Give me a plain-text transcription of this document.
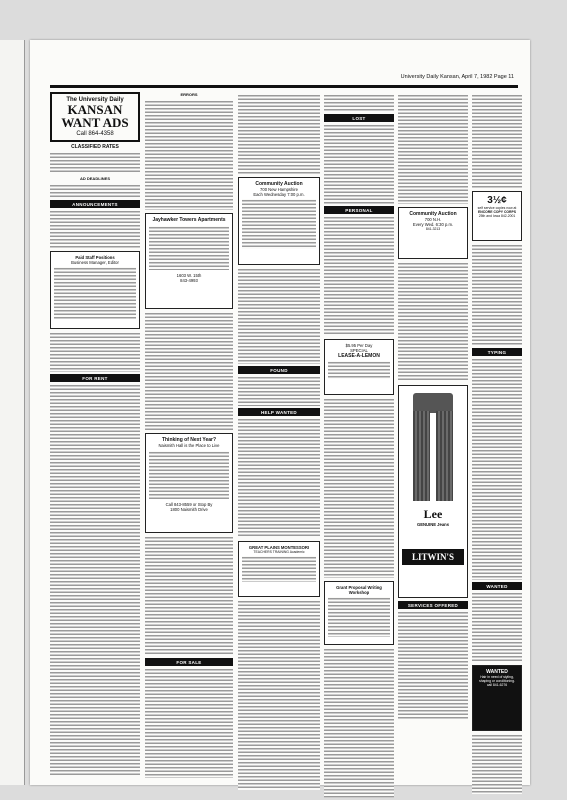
University Daily Kansan, April 7, 1982 Page 11
The University Daily
KANSAN WANT ADS
Call 864-4358
CLASSIFIED RATES
AD DEADLINES
ANNOUNCEMENTS
Paid Staff Positions
Business Manager, Editor
FOR RENT
ERRORS
Jayhawker Towers Apartments
1603 W. 15th
843-4993
Thinking of Next Year?
Naismith Hall is the Place to Live
Call 843-8559 or Stop By
1800 Naismith Drive
FOR SALE
Community Auction
700 New Hampshire
Each Wednesday 7:00 p.m.
FOUND
HELP WANTED
GREAT PLAINS MONTESSORI
TEACHERS TRAINING Academic
LOST
PERSONAL
$5.95 Per Day
SPECIAL
LEASE-A-LEMON
Grant Proposal Writing Workshop
Community Auction
700 N.H.
Every Wed. 6:30 p.m.
841-3213
Lee
GENUINE Jeans
LITWIN'S
SERVICES OFFERED
3½¢
self service copies now at
ENCORE COPY CORPS
25th and Iowa 842-2001
TYPING
WANTED
WANTED
Hair in need of styling, shaping or conditioning.
call 841-6276
